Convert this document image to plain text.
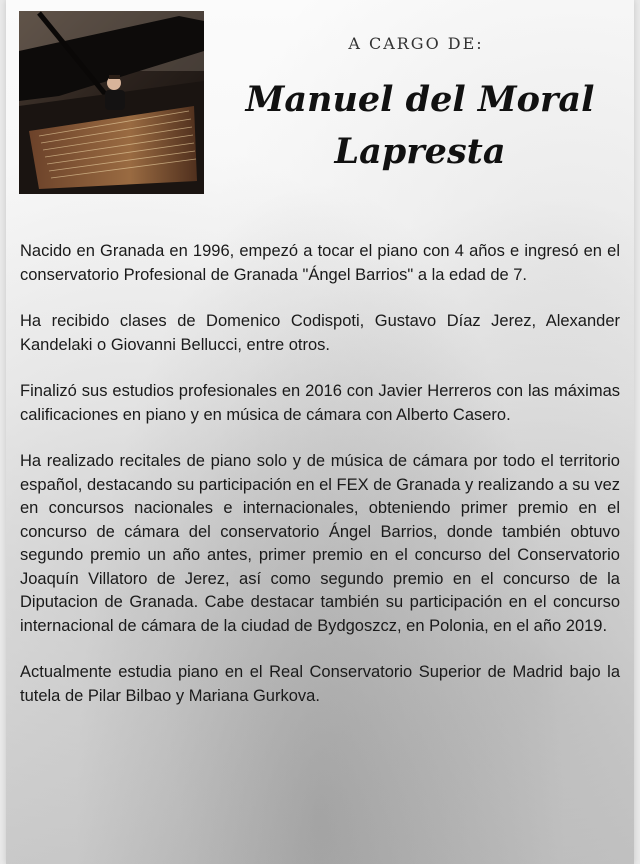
A CARGO DE:
Manuel del Moral
Lapresta

Nacido en Granada en 1996, empezó a tocar el piano con 4 años e ingresó en el conservatorio Profesional de Granada "Ángel Barrios" a la edad de 7.

Ha recibido clases de Domenico Codispoti, Gustavo Díaz Jerez, Alexander Kandelaki o Giovanni Bellucci, entre otros.

Finalizó sus estudios profesionales en 2016 con Javier Herreros con las máximas calificaciones en piano y en música de cámara con Alberto Casero.

Ha realizado recitales de piano solo y de música de cámara por todo el territorio español, destacando su participación en el FEX de Granada y realizando a su vez en concursos nacionales e internacionales, obteniendo primer premio en el concurso de cámara del conservatorio Ángel Barrios, donde también obtuvo segundo premio un año antes, primer premio en el concurso del Conservatorio Joaquín Villatoro de Jerez, así como segundo premio en el concurso de la Diputacion de Granada. Cabe destacar también su participación en el concurso internacional de cámara de la ciudad de Bydgoszcz, en Polonia, en el año 2019.

Actualmente estudia piano en el Real Conservatorio Superior de Madrid bajo la tutela de Pilar Bilbao y Mariana Gurkova.
